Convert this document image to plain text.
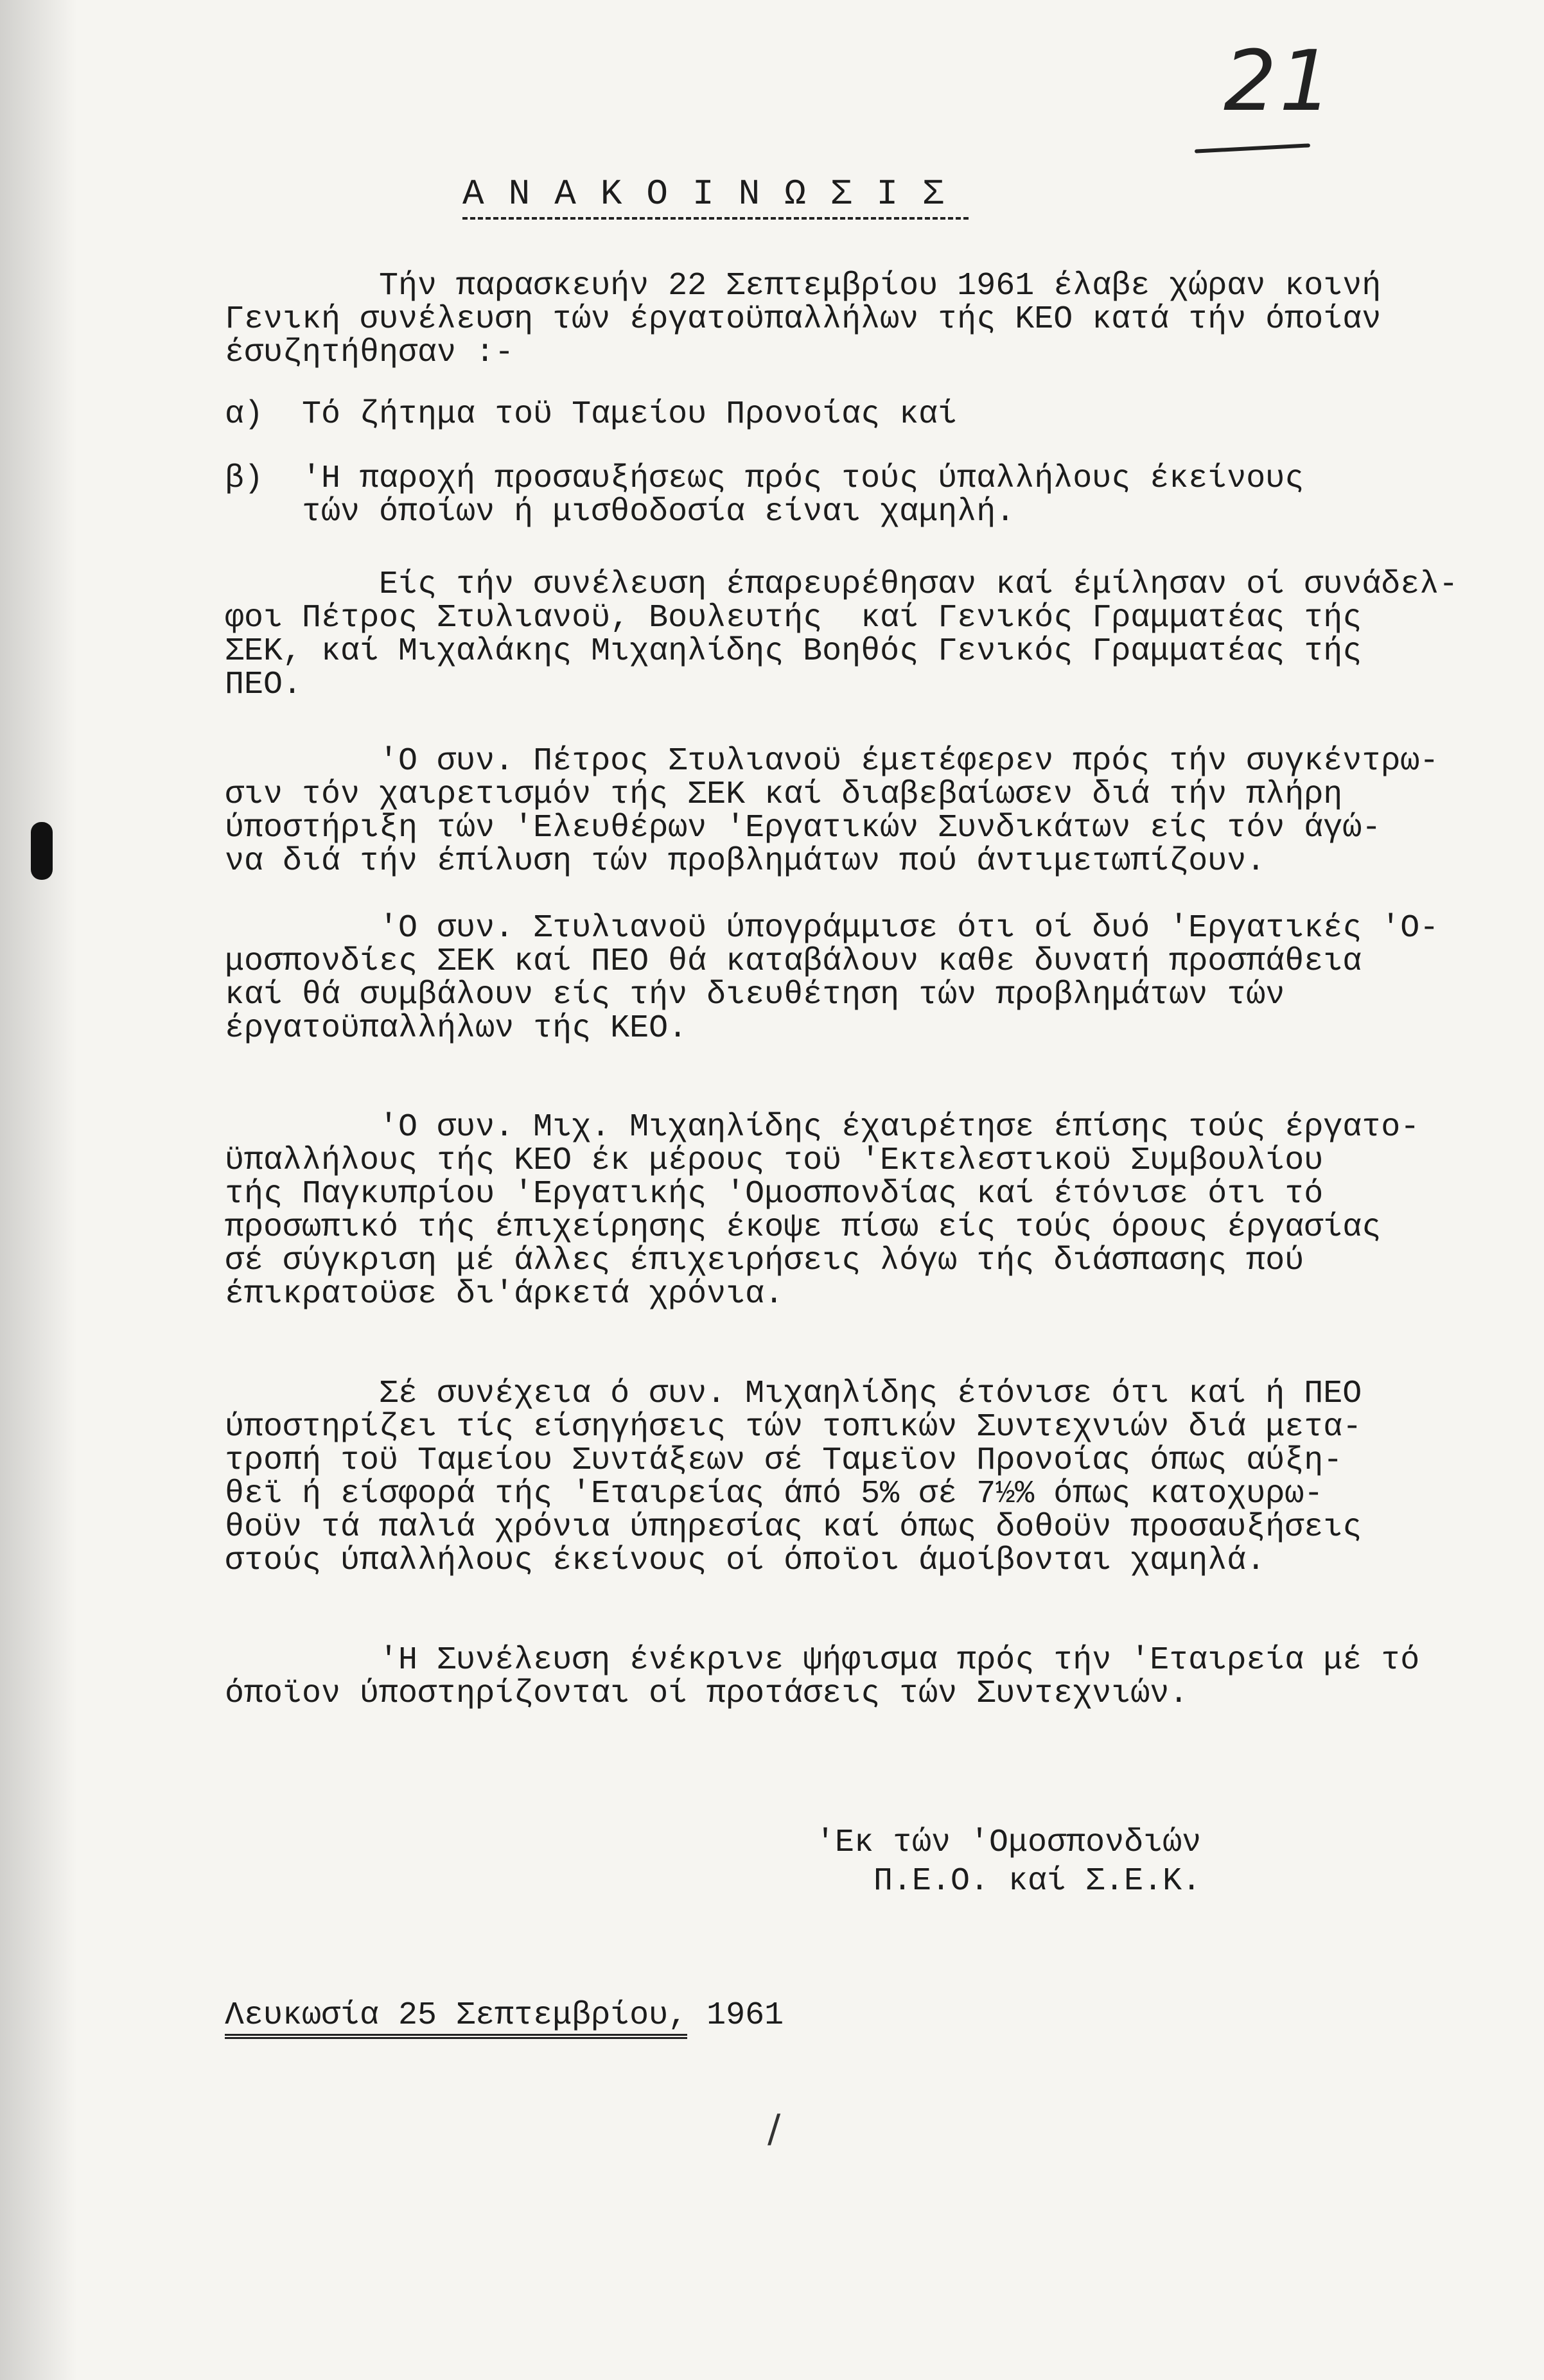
21
ΑΝΑΚΟΙΝΩΣΙΣ
Τήν παρασκευήν 22 Σεπτεμβρίου 1961 έλαβε χώραν κοινή
Γενική συνέλευση τών έργατοϋπαλλήλων τής ΚΕΟ κατά τήν όποίαν
έσυζητήθησαν :-
α)  Τό ζήτημα τοϋ Ταμείου Προνοίας καί
β)  'Η παροχή προσαυξήσεως πρός τούς ύπαλλήλους έκείνους
τών όποίων ή μισθοδοσία είναι χαμηλή.
Είς τήν συνέλευση έπαρευρέθησαν καί έμίλησαν οί συνάδελ-
φοι Πέτρος Στυλιανοϋ, Βουλευτής  καί Γενικός Γραμματέας τής
ΣΕΚ, καί Μιχαλάκης Μιχαηλίδης Βοηθός Γενικός Γραμματέας τής
ΠΕΟ.
'Ο συν. Πέτρος Στυλιανοϋ έμετέφερεν πρός τήν συγκέντρω-
σιν τόν χαιρετισμόν τής ΣΕΚ καί διαβεβαίωσεν διά τήν πλήρη
ύποστήριξη τών 'Ελευθέρων 'Εργατικών Συνδικάτων είς τόν άγώ-
να διά τήν έπίλυση τών προβλημάτων πού άντιμετωπίζουν.
'Ο συν. Στυλιανοϋ ύπογράμμισε ότι οί δυό 'Εργατικές 'Ο-
μοσπονδίες ΣΕΚ καί ΠΕΟ θά καταβάλουν καθε δυνατή προσπάθεια
καί θά συμβάλουν είς τήν διευθέτηση τών προβλημάτων τών
έργατοϋπαλλήλων τής ΚΕΟ.
'Ο συν. Μιχ. Μιχαηλίδης έχαιρέτησε έπίσης τούς έργατο-
ϋπαλλήλους τής ΚΕΟ έκ μέρους τοϋ 'Εκτελεστικοϋ Συμβουλίου
τής Παγκυπρίου 'Εργατικής 'Ομοσπονδίας καί έτόνισε ότι τό
προσωπικό τής έπιχείρησης έκοψε πίσω είς τούς όρους έργασίας
σέ σύγκριση μέ άλλες έπιχειρήσεις λόγω τής διάσπασης πού
έπικρατοϋσε δι'άρκετά χρόνια.
Σέ συνέχεια ό συν. Μιχαηλίδης έτόνισε ότι καί ή ΠΕΟ
ύποστηρίζει τίς είσηγήσεις τών τοπικών Συντεχνιών διά μετα-
τροπή τοϋ Ταμείου Συντάξεων σέ Ταμεϊον Προνοίας όπως αύξη-
θεϊ ή είσφορά τής 'Εταιρείας άπό 5% σέ 7½% όπως κατοχυρω-
θοϋν τά παλιά χρόνια ύπηρεσίας καί όπως δοθοϋν προσαυξήσεις
στούς ύπαλλήλους έκείνους οί όποϊοι άμοίβονται χαμηλά.
'Η Συνέλευση ένέκρινε ψήφισμα πρός τήν 'Εταιρεία μέ τό
όποϊον ύποστηρίζονται οί προτάσεις τών Συντεχνιών.
'Εκ τών 'Ομοσπονδιών
Π.Ε.Ο. καί Σ.Ε.Κ.
Λευκωσία 25 Σεπτεμβρίου, 1961
/
